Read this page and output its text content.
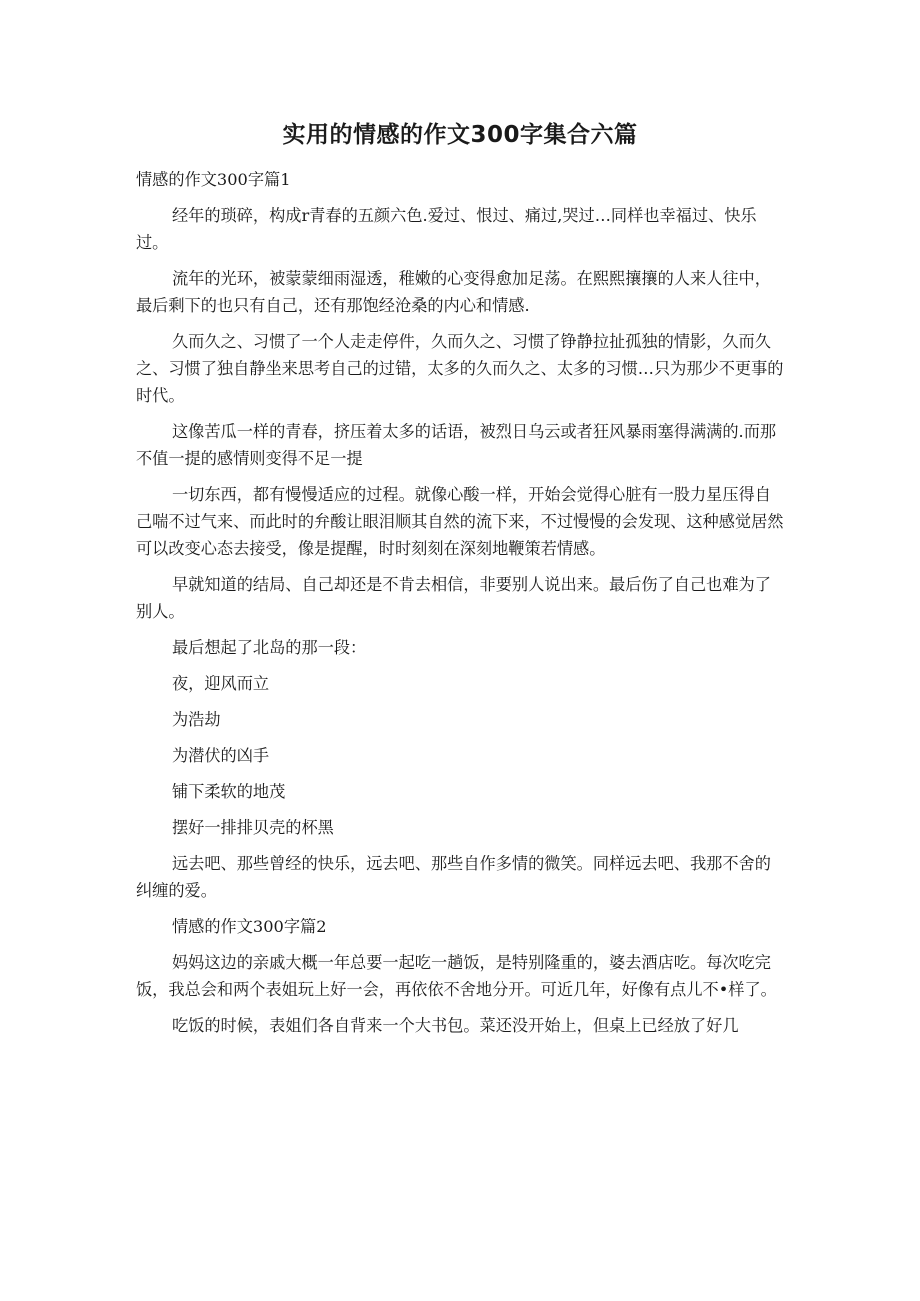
实用的情感的作文300字集合六篇

情感的作文300字篇1

经年的琐碎，构成r青春的五颜六色.爱过、恨过、痛过,哭过…同样也幸福过、快乐过。

流年的光环，被蒙蒙细雨湿透，稚嫩的心变得愈加足荡。在熙熙攘攘的人来人往中，最后剩下的也只有自己，还有那饱经沧桑的内心和情感.

久而久之、习惯了一个人走走停件，久而久之、习惯了铮静拉扯孤独的情影，久而久之、习惯了独自静坐来思考自己的过错，太多的久而久之、太多的习惯…只为那少不更事的时代。

这像苦瓜一样的青春，挤压着太多的话语，被烈日乌云或者狂风暴雨塞得满满的.而那不值一提的感情则变得不足一提

一切东西，都有慢慢适应的过程。就像心酸一样，开始会觉得心脏有一股力星压得自己喘不过气来、而此时的弁酸让眼泪顺其自然的流下来，不过慢慢的会发现、这种感觉居然可以改变心态去接受，像是提醒，时时刻刻在深刻地鞭策若情感。

早就知道的结局、自己却还是不肯去相信，非要别人说出来。最后伤了自己也难为了别人。

最后想起了北岛的那一段：

夜，迎风而立

为浩劫

为潜伏的凶手

铺下柔软的地茂

摆好一排排贝壳的杯黑

远去吧、那些曾经的快乐，远去吧、那些自作多情的微笑。同样远去吧、我那不舍的纠缠的爱。

情感的作文300字篇2

妈妈这边的亲戚大概一年总要一起吃一趟饭，是特别隆重的，婆去酒店吃。每次吃完饭，我总会和两个表姐玩上好一会，再依依不舍地分开。可近几年，好像有点儿不•样了。

吃饭的时候，表姐们各自背来一个大书包。菜还没开始上，但桌上已经放了好几
